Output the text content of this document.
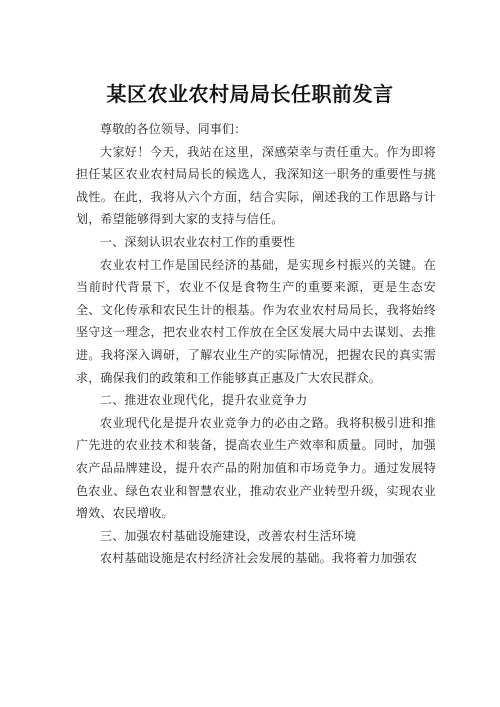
某区农业农村局局长任职前发言

尊敬的各位领导、同事们：

大家好！今天，我站在这里，深感荣幸与责任重大。作为即将担任某区农业农村局局长的候选人，我深知这一职务的重要性与挑战性。在此，我将从六个方面，结合实际，阐述我的工作思路与计划，希望能够得到大家的支持与信任。

一、深刻认识农业农村工作的重要性

农业农村工作是国民经济的基础，是实现乡村振兴的关键。在当前时代背景下，农业不仅是食物生产的重要来源，更是生态安全、文化传承和农民生计的根基。作为农业农村局局长，我将始终坚守这一理念，把农业农村工作放在全区发展大局中去谋划、去推进。我将深入调研，了解农业生产的实际情况，把握农民的真实需求，确保我们的政策和工作能够真正惠及广大农民群众。

二、推进农业现代化，提升农业竞争力

农业现代化是提升农业竞争力的必由之路。我将积极引进和推广先进的农业技术和装备，提高农业生产效率和质量。同时，加强农产品品牌建设，提升农产品的附加值和市场竞争力。通过发展特色农业、绿色农业和智慧农业，推动农业产业转型升级，实现农业增效、农民增收。

三、加强农村基础设施建设，改善农村生活环境

农村基础设施是农村经济社会发展的基础。我将着力加强农
